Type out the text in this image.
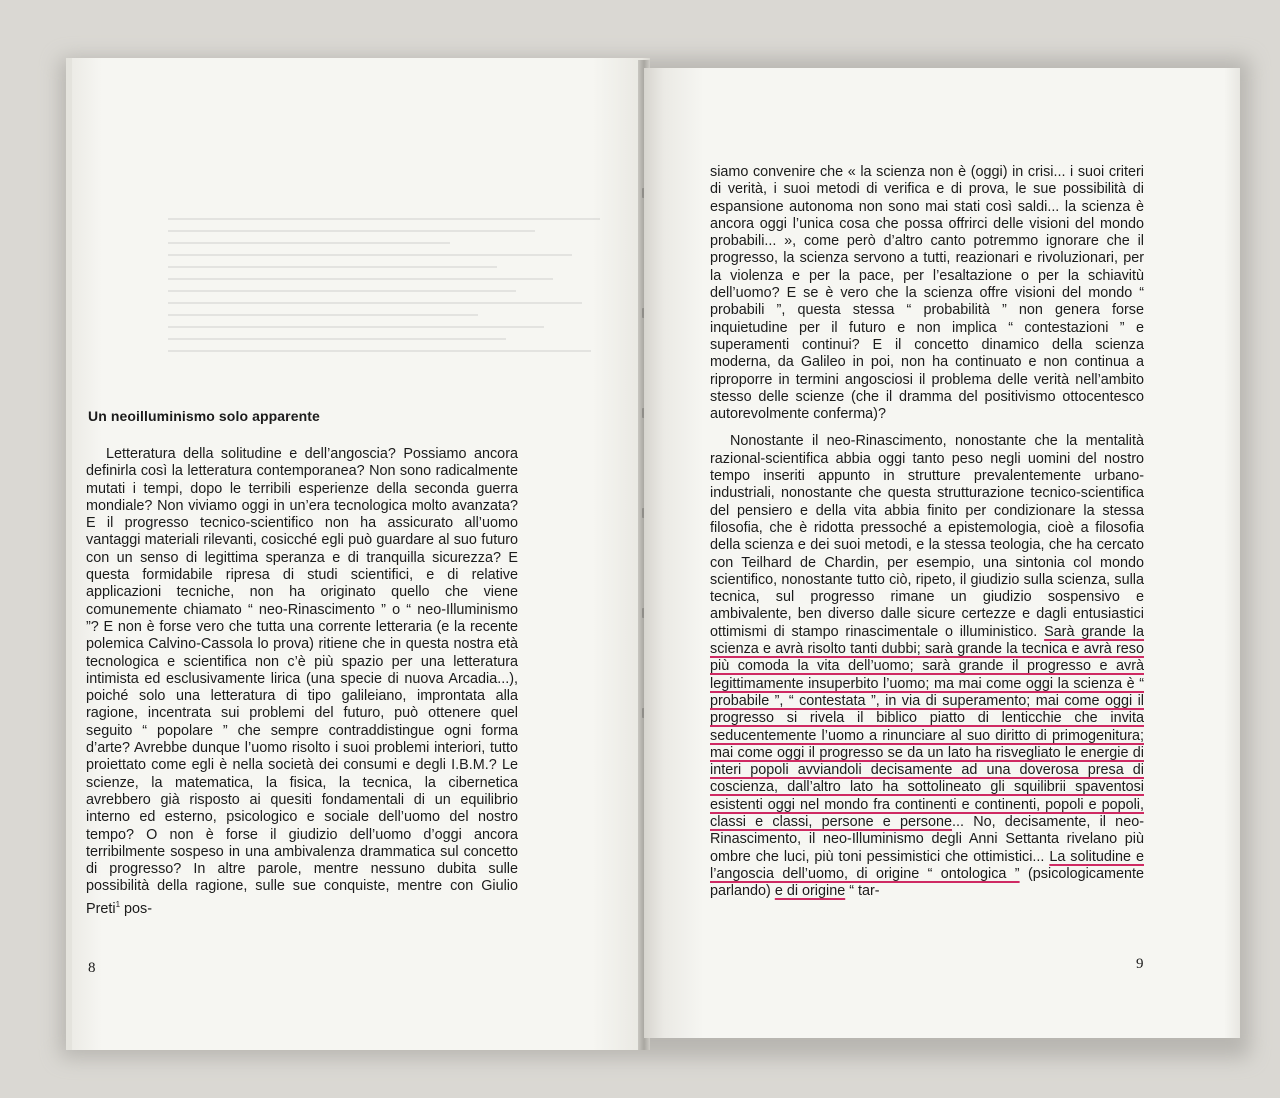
Un neoilluminismo solo apparente

Letteratura della solitudine e dell’angoscia? Possiamo ancora definirla così la letteratura contemporanea? Non sono radicalmente mutati i tempi, dopo le terribili esperienze della seconda guerra mondiale? Non viviamo oggi in un’era tecnologica molto avanzata? E il progresso tecnico-scientifico non ha assicurato all’uomo vantaggi materiali rilevanti, cosicché egli può guardare al suo futuro con un senso di legittima speranza e di tranquilla sicurezza? E questa formidabile ripresa di studi scientifici, e di relative applicazioni tecniche, non ha originato quello che viene comunemente chiamato “ neo-Rinascimento ” o “ neo-Illuminismo ”? E non è forse vero che tutta una corrente letteraria (e la recente polemica Calvino-Cassola lo prova) ritiene che in questa nostra età tecnologica e scientifica non c’è più spazio per una letteratura intimista ed esclusivamente lirica (una specie di nuova Arcadia...), poiché solo una letteratura di tipo galileiano, improntata alla ragione, incentrata sui problemi del futuro, può ottenere quel seguito “ popolare ” che sempre contraddistingue ogni forma d’arte? Avrebbe dunque l’uomo risolto i suoi problemi interiori, tutto proiettato come egli è nella società dei consumi e degli I.B.M.? Le scienze, la matematica, la fisica, la tecnica, la cibernetica avrebbero già risposto ai quesiti fondamentali di un equilibrio interno ed esterno, psicologico e sociale dell’uomo del nostro tempo? O non è forse il giudizio dell’uomo d’oggi ancora terribilmente sospeso in una ambivalenza drammatica sul concetto di progresso? In altre parole, mentre nessuno dubita sulle possibilità della ragione, sulle sue conquiste, mentre con Giulio Preti$^1$ pos-

8

siamo convenire che « la scienza non è (oggi) in crisi... i suoi criteri di verità, i suoi metodi di verifica e di prova, le sue possibilità di espansione autonoma non sono mai stati così saldi... la scienza è ancora oggi l’unica cosa che possa offrirci delle visioni del mondo probabili... », come però d’altro canto potremmo ignorare che il progresso, la scienza servono a tutti, reazionari e rivoluzionari, per la violenza e per la pace, per l’esaltazione o per la schiavitù dell’uomo? E se è vero che la scienza offre visioni del mondo “ probabili ”, questa stessa “ probabilità ” non genera forse inquietudine per il futuro e non implica “ contestazioni ” e superamenti continui? E il concetto dinamico della scienza moderna, da Galileo in poi, non ha continuato e non continua a riproporre in termini angosciosi il problema delle verità nell’ambito stesso delle scienze (che il dramma del positivismo ottocentesco autorevolmente conferma)?

Nonostante il neo-Rinascimento, nonostante che la mentalità razional-scientifica abbia oggi tanto peso negli uomini del nostro tempo inseriti appunto in strutture prevalentemente urbano-industriali, nonostante che questa strutturazione tecnico-scientifica del pensiero e della vita abbia finito per condizionare la stessa filosofia, che è ridotta pressoché a epistemologia, cioè a filosofia della scienza e dei suoi metodi, e la stessa teologia, che ha cercato con Teilhard de Chardin, per esempio, una sintonia col mondo scientifico, nonostante tutto ciò, ripeto, il giudizio sulla scienza, sulla tecnica, sul progresso rimane un giudizio sospensivo e ambivalente, ben diverso dalle sicure certezze e dagli entusiastici ottimismi di stampo rinascimentale o illuministico. Sarà grande la scienza e avrà risolto tanti dubbi; sarà grande la tecnica e avrà reso più comoda la vita dell’uomo; sarà grande il progresso e avrà legittimamente insuperbito l’uomo; ma mai come oggi la scienza è “ probabile ”, “ contestata ”, in via di superamento; mai come oggi il progresso si rivela il biblico piatto di lenticchie che invita seducentemente l’uomo a rinunciare al suo diritto di primogenitura; mai come oggi il progresso se da un lato ha risvegliato le energie di interi popoli avviandoli decisamente ad una doverosa presa di coscienza, dall’altro lato ha sottolineato gli squilibrii spaventosi esistenti oggi nel mondo fra continenti e continenti, popoli e popoli, classi e classi, persone e persone... No, decisamente, il neo-Rinascimento, il neo-Illuminismo degli Anni Settanta rivelano più ombre che luci, più toni pessimistici che ottimistici... La solitudine e l’angoscia dell’uomo, di origine “ ontologica ” (psicologicamente parlando) e di origine “ tar-

9
